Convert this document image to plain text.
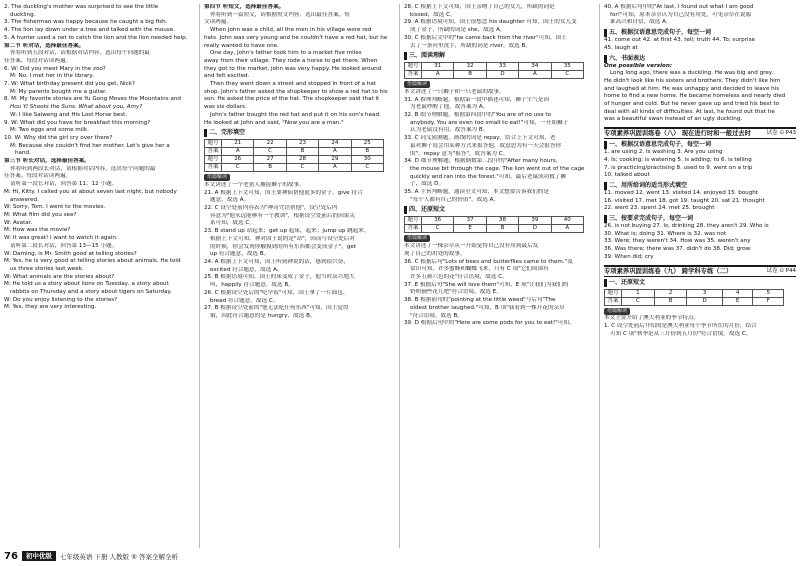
2. The duckling's mother was surprised to see the little
duckling.
3. The fisherman was happy because he caught a big fish.
4. The lion lay down under a tree and talked with the mouse.
5. A hunter used a net to catch the lion and the lion needed help.
第二节 听对话，选择最佳答案。
你将听到五段对话，请根据对话内容，选出每个问题的最
佳答案。每段对话读两遍。
6. W: Did you meet Mary in the zoo?
M: No. I met her in the library.
7. W: What birthday present did you get, Nick?
M: My parents bought me a guitar.
8. M: My favorite stories are Yu Gong Moves the Mountains and
Hou Yi Shoots the Suns. What about you, Amy?
W: I like Saiweng and His Lost Horse best.
9. W: What did you have for breakfast this morning?
M: Two eggs and some milk.
10. W: Why did the girl cry over there?
M: Because she couldn't find her mother. Let's give her a
hand.
第三节 听长对话，选择最佳答案。
你将听到两段长对话，请根据对话内容，选出每个问题的最
佳答案。每段对话读两遍。
请听第一段长对话，回答第 11、12 小题。
M: Hi, Kitty. I called you at about seven last night, but nobody
answered.
W: Sorry, Tom. I went to the movies.
M: What film did you see?
W: Avatar.
M: How was the movie?
W: It was great! I want to watch it again.
请听第二段长对话，回答第 13—15 小题。
W: Daming, is Mr. Smith good at telling stories?
M: Yes, he is very good at telling stories about animals. He told
us three stories last week.
W: What animals are the stories about?
M: He told us a story about lions on Tuesday, a story about
rabbits on Thursday and a story about tigers on Saturday.
W: Do you enjoy listening to the stories?
M: Yes, they are very interesting.
第四节 听短文，选择最佳答案。
你将听到一篇短文，请根据短文内容，选出最佳答案。短
文读两遍。
When John was a child, all the men in his village wore red
hats. John was very young and he couldn't have a red hat, but he
really wanted to have one.
One day, John's father took him to a market five miles
away from their village. They rode a horse to get there. When
they got to the market, John was very happy. He looked around
and felt excited.
Then they went down a street and stopped in front of a hat
shop. John's father asked the shopkeeper to show a red hat to his
son. He asked the price of the hat. The shopkeeper said that it
was six dollars.
John's father bought the red hat and put it on his son's head.
He looked at John and said, "Now you are a man."
二、完形填空
题号	21	22	23	24	25
答案	A	C	B	A	B
题号	26	27	28	29	30
答案	C	B	C	A	C
语篇解读
本文讲述了一个老猎人捕捉狮子的故事。
21. A 根据上下文可知，国王要神仙帮他更多的金子，give 符合
题意，故选 A。
22. C 设空处前内容表为"神奇咒语帮他"，设空处后内
容意为"他永远能够有一个教训"，根据设空处前后的因果关
系可知，故选 C。
23. B stand up 站起来；get up 起床，起来；jump up 跳起来。
根据上下文可知，神对国王说的是"站"，因而与设空处后对
的时候，你会发现你触摸到的所有东西都会变成金子"，get
up 符合题意，故选 B。
24. A 根据上下文可知，国王听到神说的话，感到很兴奋，
excited 符合题意，故选 A。
25. B 根据语境可知，国王的床变成了金子，他当时高兴地大
叫，happily 符合题意，故选 B。
26. C 根据设空处后的"吃早饭"可知，国王拿了一片面包，
bread 符合题意，故选 C。
27. B 根据设空处前的"他无法吃任何东西"可知，国王觉得
饿，因此符合题意的是 hungry，故选 B。
28. C 根据上下文可知，国王亲吻了自己的女儿，所缺的词是
kissed，故选 C。
29. A 根据语境可知，国王很想念 his daughter 可知，国王的女儿变
成了金子，所缺的词是 she，故选 A。
30. C 根据后文中的"he came back from the river"可知，国王
去了一条河里洗手，所缺的词是 river，故选 B。
三、阅读理解
题号	31	32	33	34	35
答案	A	B	D	A	C
语篇解读
本文讲述了一只狮子和一只老鼠的故事。
31. A 推理判断题。根据第一段中描述可知，狮子生气是因
为老鼠吵醒了他，故答案为 A。
32. B 细节理解题。根据第四段中的"You are of no use to
anybody. You are even too small to eat!"可知，一开始狮子
认为老鼠没有用，故答案为 B。
33. C 词义猜测题。画线的词是 repay，结合上下文可知，老
鼠对狮子说会用某种方式来报答他，故意思为有一天会报答你
的"，repay 意为"报答"，故答案为 C。
34. D 细节理解题。根据倒数第二段中的"After many hours,
the mouse bit through the cage. The lion went out of the cage
quickly and ran into the forest."可知，最后老鼠成功救了狮
子，故选 D。
35. A 主旨判断题。通读全文可知，本文想要告诉我们的是
"每个人都有自己的价值"，故选 A。
四、还原短文
题号	36	37	38	39	40
答案	C	E	B	D	A
语篇解读
本文讲述了一棵杂草从一开始觉得自己没有用到最后发
现了自己的用处的故事。
36. C 根据后句"Lots of bees and butterflies came to them."及
常识可知，许多蜜蜂和蝴蝶飞来，只有 C 项"它们周围有
许多五颜六色的花"符合语境，故选 C。
37. E 根据后句"She will love them"可知，E 项"让我们为我们的
奶奶摘些花儿吧"符合语境，故选 E。
38. B 根据前句的"pointing at the little weed"与后句"The
oldest brother laughed."可知，B 项"我看到一棵开花的杂草
"符合语境，故选 B。
39. D 根据后句中的"Here are some pods for you to eat!"可知，
40. A 根据后句中的"At last, I found out what I am good
for!"可知，原本杂草认为自己没有用处，可见杂草在说服
谁高兴和自信，故选 A。
五、根据汉语意思完成句子，每空一词
41. come out 42. at first 43. tell; truth 44. To; surprise
45. laugh at
六、书面表达
One possible version:
Long long ago, there was a duckling. He was big and grey.
He didn't look like his sisters and brothers. They didn't like him
and laughed at him. He was unhappy and decided to leave his
home to find a new home. He became homeless and nearly died
of hunger and cold. But he never gave up and tried his best to
deal with all kinds of difficulties. At last, he found out that he
was a beautiful swan instead of an ugly duckling.
专项素养巩固训练卷（八） 现在进行时和一般过去时	试卷 ⊙ P43
一、根据汉语意思完成句子，每空一词
1. are using 2. is washing 3. Are you using
4. Is; cooking; is watering 5. is adding; to 6. is telling
7. is practicing/practising 8. used to 9. went on a trip
10. talked about
二、用所给词的适当形式填空
11. moved 12. went 13. visited 14. enjoyed 15. bought
16. visited 17. met 18. got 19. taught 20. sat 21. thought
22. went 23. spent 24. met 25. brought
三、按要求完成句子，每空一词
26. is not buying 27. Is; drinking 28. they aren't 29. Who is
30. What is; doing 31. Where is 32. was not
33. Were; they weren't 34. How was 35. weren't any
36. Was there; there was 37. didn't do 38. Did; grow
39. When did; cry
专项素养巩固训练卷（九） 跨学科专练（二）	试卷 ⊙ P44
一、还原短文
题号	1	2	3	4	5
答案	C	B	D	E	F
语篇解读
本文主要介绍了澳大利亚的季节特点。
1. C 设空处前后介绍的是澳大利亚每个季节所在的月份，结合
可知 C 项"秋季是从三月份到五月份"符合语境。故选 C。
76	初中优级	七年级英语 下册 人教版 ⑤ 答案全解全析
